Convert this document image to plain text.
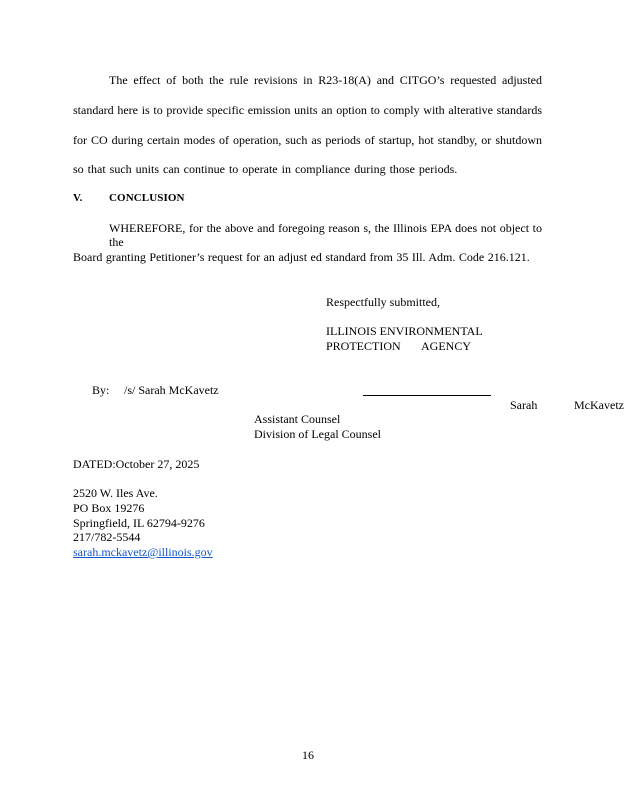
The effect of both the rule revisions in R23-18(A) and CITGO’s requested adjusted
standard here is to provide specific emission units an option to comply with alterative standards
for CO during certain modes of operation, such as periods of startup, hot standby, or shutdown
so that such units can continue to operate in compliance during those periods.
V. CONCLUSION
WHEREFORE, for the above and foregoing reason s, the Illinois EPA does not object to the
Board granting Petitioner’s request for an adjust ed standard from 35 Ill. Adm. Code 216.121.
Respectfully submitted,
ILLINOIS ENVIRONMENTAL
PROTECTION AGENCY
By: /s/ Sarah McKavetz
Sarah	McKavetz
Assistant Counsel
Division of Legal Counsel
DATED:October 27, 2025
2520 W. Iles Ave.
PO Box 19276
Springfield, IL 62794-9276
217/782-5544
sarah.mckavetz@illinois.gov
16
